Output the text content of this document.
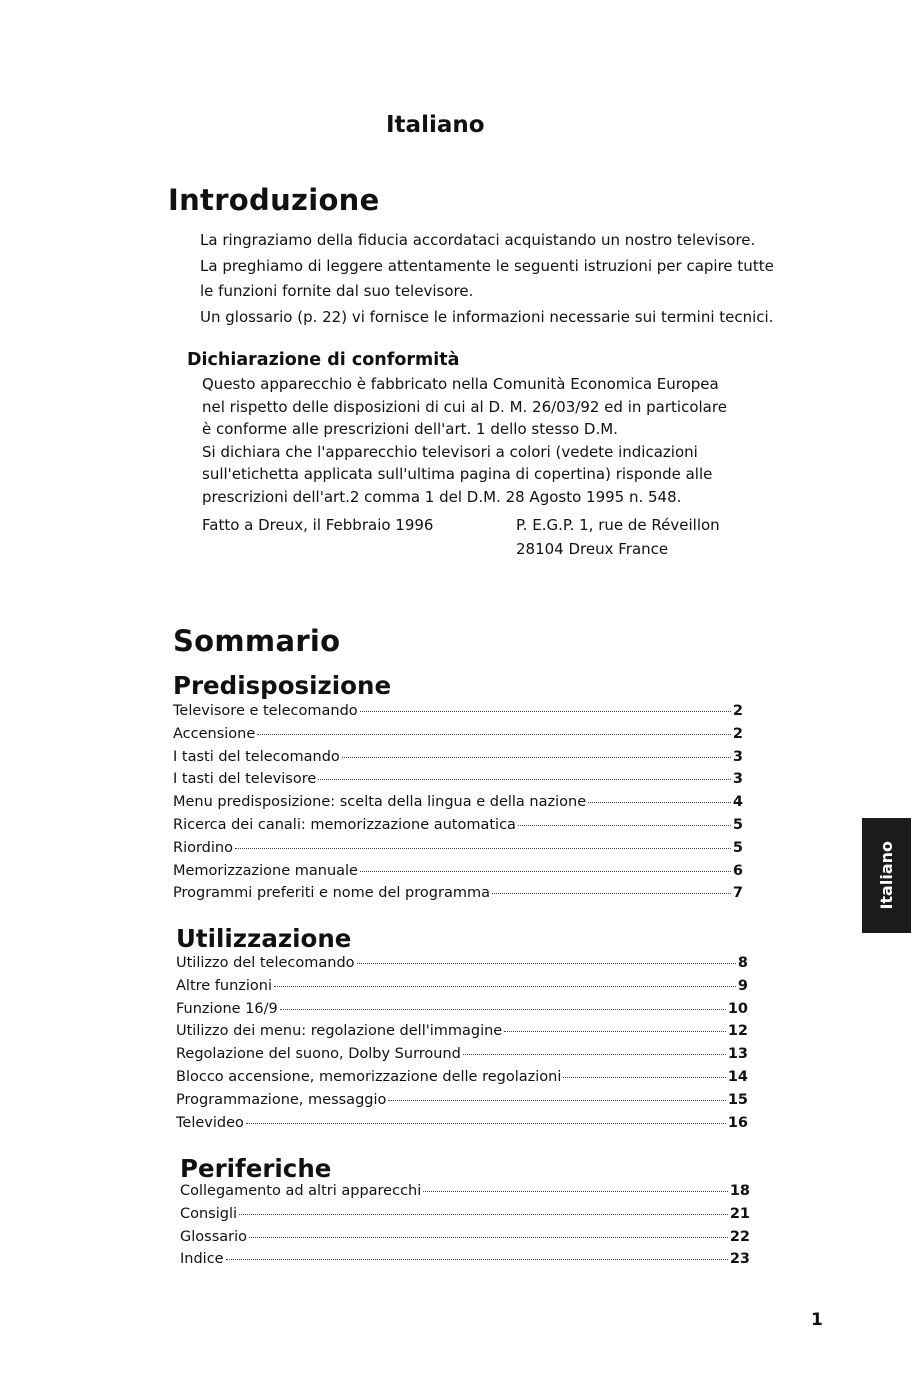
Italiano
Introduzione

La ringraziamo della fiducia accordataci acquistando un nostro televisore.

La preghiamo di leggere attentamente le seguenti istruzioni per capire tutte

le funzioni fornite dal suo televisore.

Un glossario (p. 22) vi fornisce le informazioni necessarie sui termini tecnici.

Dichiarazione di conformità

Questo apparecchio è fabbricato nella Comunità Economica Europea

nel rispetto delle disposizioni di cui al D. M. 26/03/92 ed in particolare

è conforme alle prescrizioni dell'art. 1 dello stesso D.M.

Si dichiara che l'apparecchio televisori a colori (vedete indicazioni

sull'etichetta applicata sull'ultima pagina di copertina) risponde alle

prescrizioni dell'art.2 comma 1 del D.M. 28 Agosto 1995 n. 548.

Fatto a Dreux, il Febbraio 1996	P. E.G.P. 1, rue de Réveillon
28104 Dreux France
Sommario
Predisposizione
Televisore e telecomando	2
Accensione	2
I tasti del telecomando	3
I tasti del televisore	3
Menu predisposizione: scelta della lingua e della nazione	4
Ricerca dei canali: memorizzazione automatica	5
Riordino	5
Memorizzazione manuale	6
Programmi preferiti e nome del programma	7
Utilizzazione
Utilizzo del telecomando	8
Altre funzioni	9
Funzione 16/9	10
Utilizzo dei menu: regolazione dell'immagine	12
Regolazione del suono, Dolby Surround	13
Blocco accensione, memorizzazione delle regolazioni	14
Programmazione, messaggio	15
Televideo	16
Periferiche
Collegamento ad altri apparecchi	18
Consigli	21
Glossario	22
Indice	23
Italiano
1
